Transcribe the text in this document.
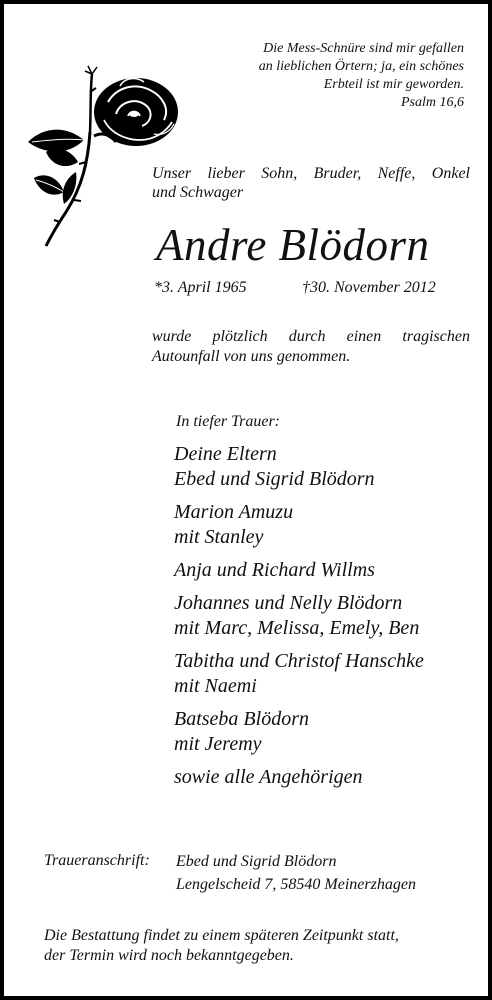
Die Mess-Schnüre sind mir gefallen
an lieblichen Örtern; ja, ein schönes
Erbteil ist mir geworden.
Psalm 16,6
Unser lieber Sohn, Bruder, Neffe, Onkel
und Schwager
Andre Blödorn
*3. April 1965	†30. November 2012
wurde plötzlich durch einen tragischen
Autounfall von uns genommen.
In tiefer Trauer:
Deine Eltern
Ebed und Sigrid Blödorn
Marion Amuzu
mit Stanley
Anja und Richard Willms
Johannes und Nelly Blödorn
mit Marc, Melissa, Emely, Ben
Tabitha und Christof Hanschke
mit Naemi
Batseba Blödorn
mit Jeremy
sowie alle Angehörigen
Traueranschrift: Ebed und Sigrid Blödorn
Lengelscheid 7, 58540 Meinerzhagen
Die Bestattung findet zu einem späteren Zeitpunkt statt,
der Termin wird noch bekanntgegeben.
